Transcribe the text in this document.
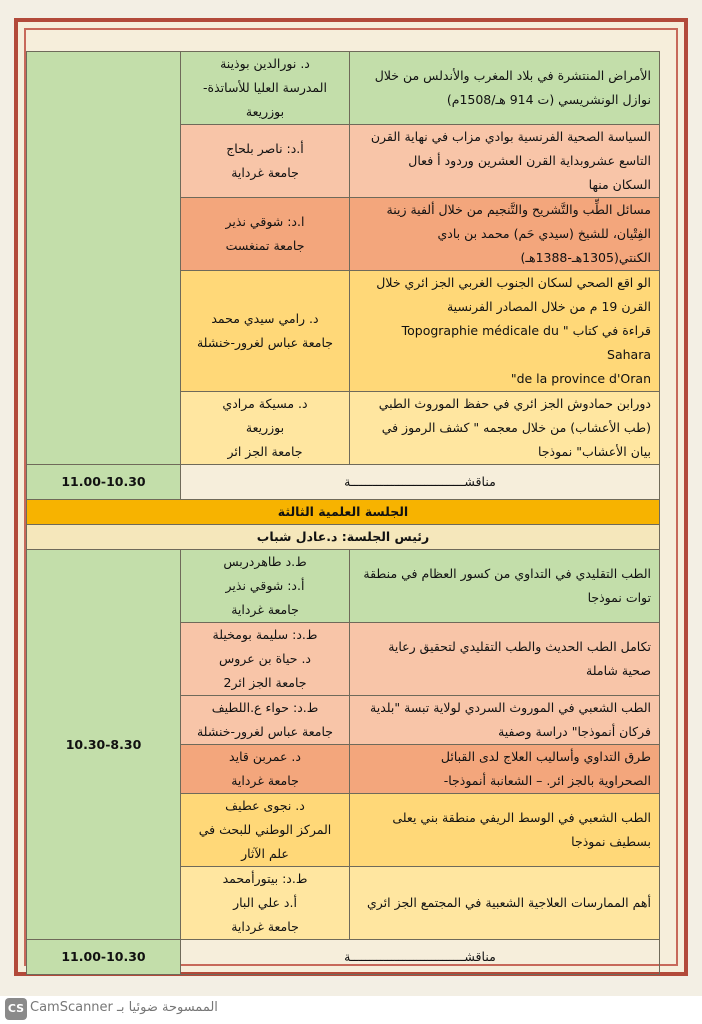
الأمراض المنتشرة في بلاد المغرب والأندلس من خلال
نوازل الونشريسي (ت 914 هـ/1508م)	د. نورالدين بوذينة
المدرسة العليا للأساتذة- بوزريعة	

السياسة الصحية الفرنسية بوادي مزاب في نهاية القرن
التاسع عشروبداية القرن العشرين وردود أ فعال
السكان منها	أ.د: ناصر بلحاج
جامعة غرداية	

مسائل الطِّب والتَّشريح والتَّنجيم من خلال ألفية زينة
الفِتْيان، للشيخ (سيدي حَم) محمد بن بادي
الكنتي(1305هـ-1388هـ)	ا.د: شوقي نذير
جامعة تمنغست	

الو اقع الصحي لسكان الجنوب الغربي الجز ائري خلال
القرن 19 م من خلال المصادر الفرنسية
قراءة في كتاب " Topographie médicale du Sahara
de la province d'Oran"	د. رامي سيدي محمد
جامعة عباس لغرور-خنشلة	

دورابن حمادوش الجز ائري في حفظ الموروث الطبي
(طب الأعشاب) من خلال معجمه " كشف الرموز في
بيان الأعشاب" نموذجا	د. مسيكة مرادي
بوزريعة
جامعة الجز ائر	

مناقشـــــــــــــــــــــــــــــــة		11.00-10.30
الجلسة العلمية الثالثة		
رئيس الجلسة: د.عادل شباب		

الطب التقليدي في التداوي من كسور العظام في منطقة
توات نموذجا	ط.د طاهردربس
أ.د: شوقي نذير
جامعة غرداية	10.30-8.30

تكامل الطب الحديث والطب التقليدي لتحقيق رعاية
صحية شاملة	ط.د: سليمة بومخيلة
د. حياة بن عروس
جامعة الجز ائر2	

الطب الشعبي في الموروث السردي لولاية تبسة "بلدية
فركان أنموذجا" دراسة وصفية	ط.د: حواء ع.اللطيف
جامعة عباس لغرور-خنشلة	

طرق التداوي وأساليب العلاج لدى القبائل
الصحراوية بالجز ائر. – الشعانبة أنموذجا-	د. عمربن قايد
جامعة غرداية	

الطب الشعبي في الوسط الريفي منطقة بني يعلى
بسطيف نموذجا	د. نجوى عطيف
المركز الوطني للبحث في علم الآثار	

أهم الممارسات العلاجية الشعبية في المجتمع الجز ائري	ط.د: بيتورأمحمد
أ.د علي البار
جامعة غرداية	

مناقشـــــــــــــــــــــــــــــــة		11.00-10.30
CS الممسوحة ضوئيا بـ CamScanner
